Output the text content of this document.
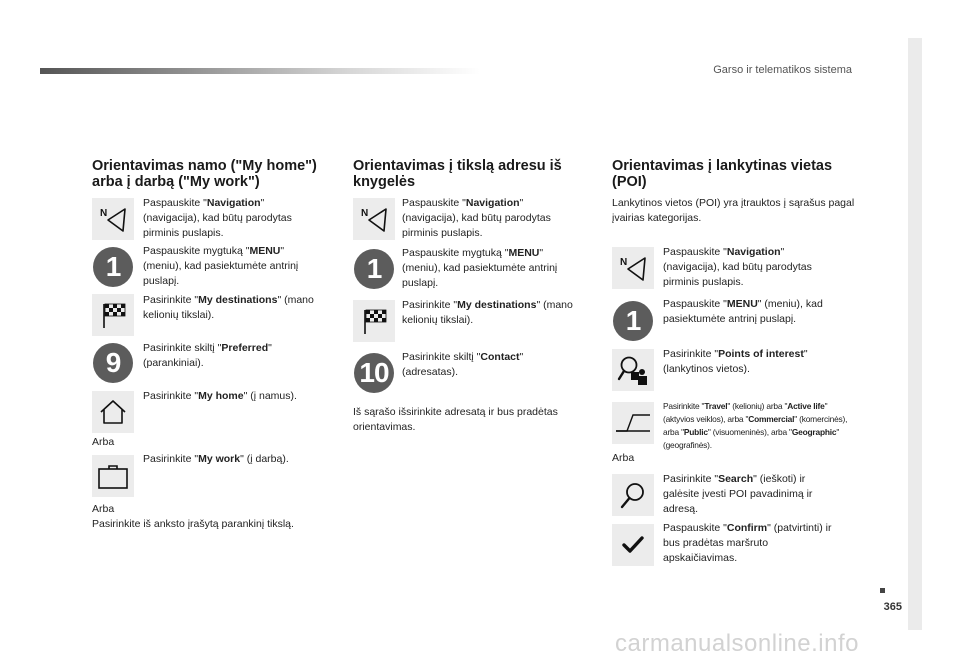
Garso ir telematikos sistema
365
carmanualsonline.info
Orientavimas namo ("My home") arba į darbą ("My work")
N
Paspauskite "Navigation" (navigacija), kad būtų parodytas pirminis puslapis.
1 Paspauskite mygtuką "MENU" (meniu), kad pasiektumėte antrinį puslapį.
Pasirinkite "My destinations" (mano kelionių tikslai).
9 Pasirinkite skiltį "Preferred" (parankiniai).
Pasirinkite "My home" (į namus).
Arba
Pasirinkite "My work" (į darbą).
Arba
Pasirinkite iš anksto įrašytą parankinį tikslą.
Orientavimas į tikslą adresu iš knygelės
N
Paspauskite "Navigation" (navigacija), kad būtų parodytas pirminis puslapis.
1 Paspauskite mygtuką "MENU" (meniu), kad pasiektumėte antrinį puslapį.
Pasirinkite "My destinations" (mano kelionių tikslai).
10 Pasirinkite skiltį "Contact" (adresatas).
Iš sąrašo išsirinkite adresatą ir bus pradėtas orientavimas.
Orientavimas į lankytinas vietas (POI)
Lankytinos vietos (POI) yra įtrauktos į sąrašus pagal įvairias kategorijas.
N
Paspauskite "Navigation" (navigacija), kad būtų parodytas pirminis puslapis.
1
Paspauskite "MENU" (meniu), kad pasiektumėte antrinį puslapį.
Pasirinkite "Points of interest" (lankytinos vietos).
Pasirinkite "Travel" (kelionių) arba "Active life" (aktyvios veiklos), arba "Commercial" (komercinės), arba "Public" (visuomeninės), arba "Geographic" (geografinės).
Arba
Pasirinkite "Search" (ieškoti) ir galėsite įvesti POI pavadinimą ir adresą.
Paspauskite "Confirm" (patvirtinti) ir bus pradėtas maršruto apskaičiavimas.
